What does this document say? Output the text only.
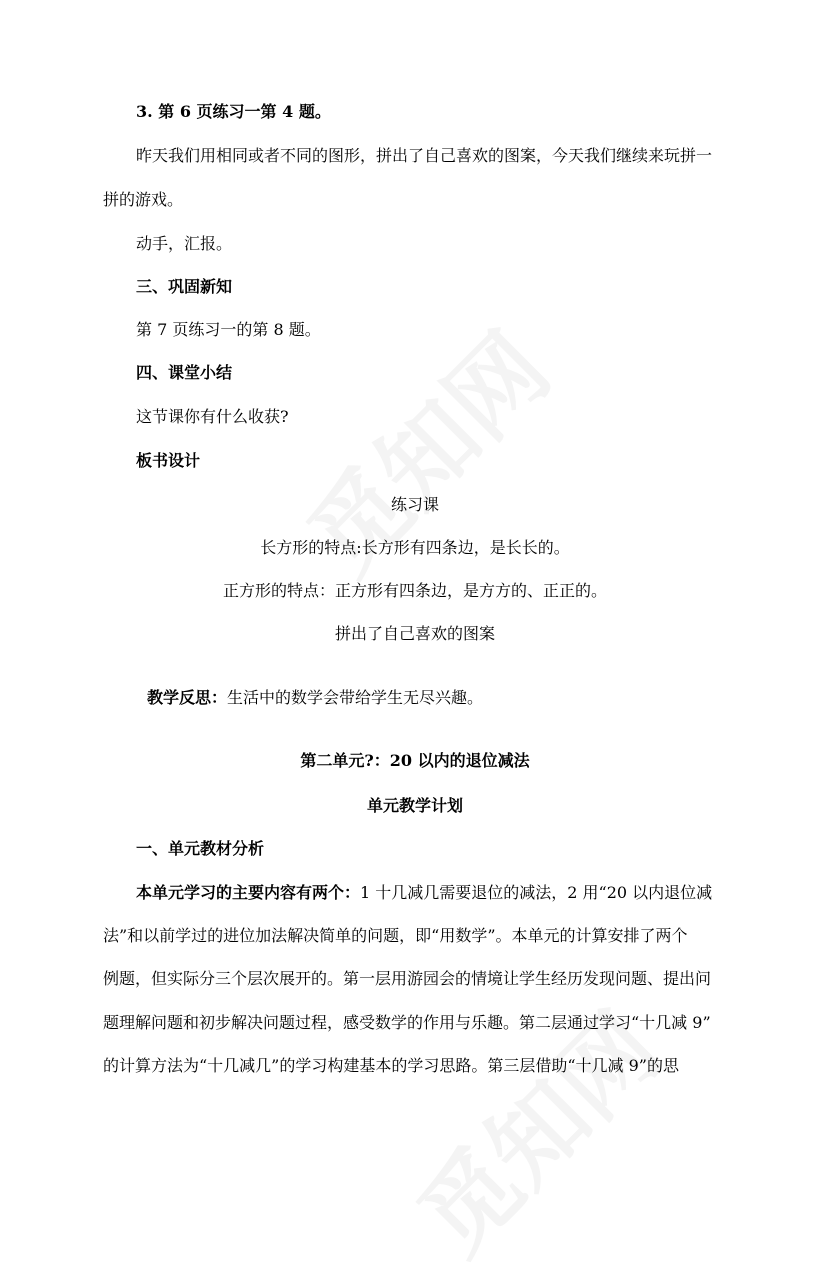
3. 第 6 页练习一第 4 题。
昨天我们用相同或者不同的图形，拼出了自己喜欢的图案，今天我们继续来玩拼一
拼的游戏。
动手，汇报。
三、巩固新知
第 7 页练习一的第 8 题。
四、课堂小结
这节课你有什么收获?
板书设计
练习课
长方形的特点:长方形有四条边，是长长的。
正方形的特点：正方形有四条边，是方方的、正正的。
拼出了自己喜欢的图案
教学反思：生活中的数学会带给学生无尽兴趣。
第二单元?：20 以内的退位减法
单元教学计划
一、单元教材分析
本单元学习的主要内容有两个：1 十几减几需要退位的减法，2 用“20 以内退位减
法”和以前学过的进位加法解决简单的问题，即“用数学”。本单元的计算安排了两个
例题，但实际分三个层次展开的。第一层用游园会的情境让学生经历发现问题、提出问
题理解问题和初步解决问题过程，感受数学的作用与乐趣。第二层通过学习“十几减 9”
的计算方法为“十几减几”的学习构建基本的学习思路。第三层借助“十几减 9”的思
